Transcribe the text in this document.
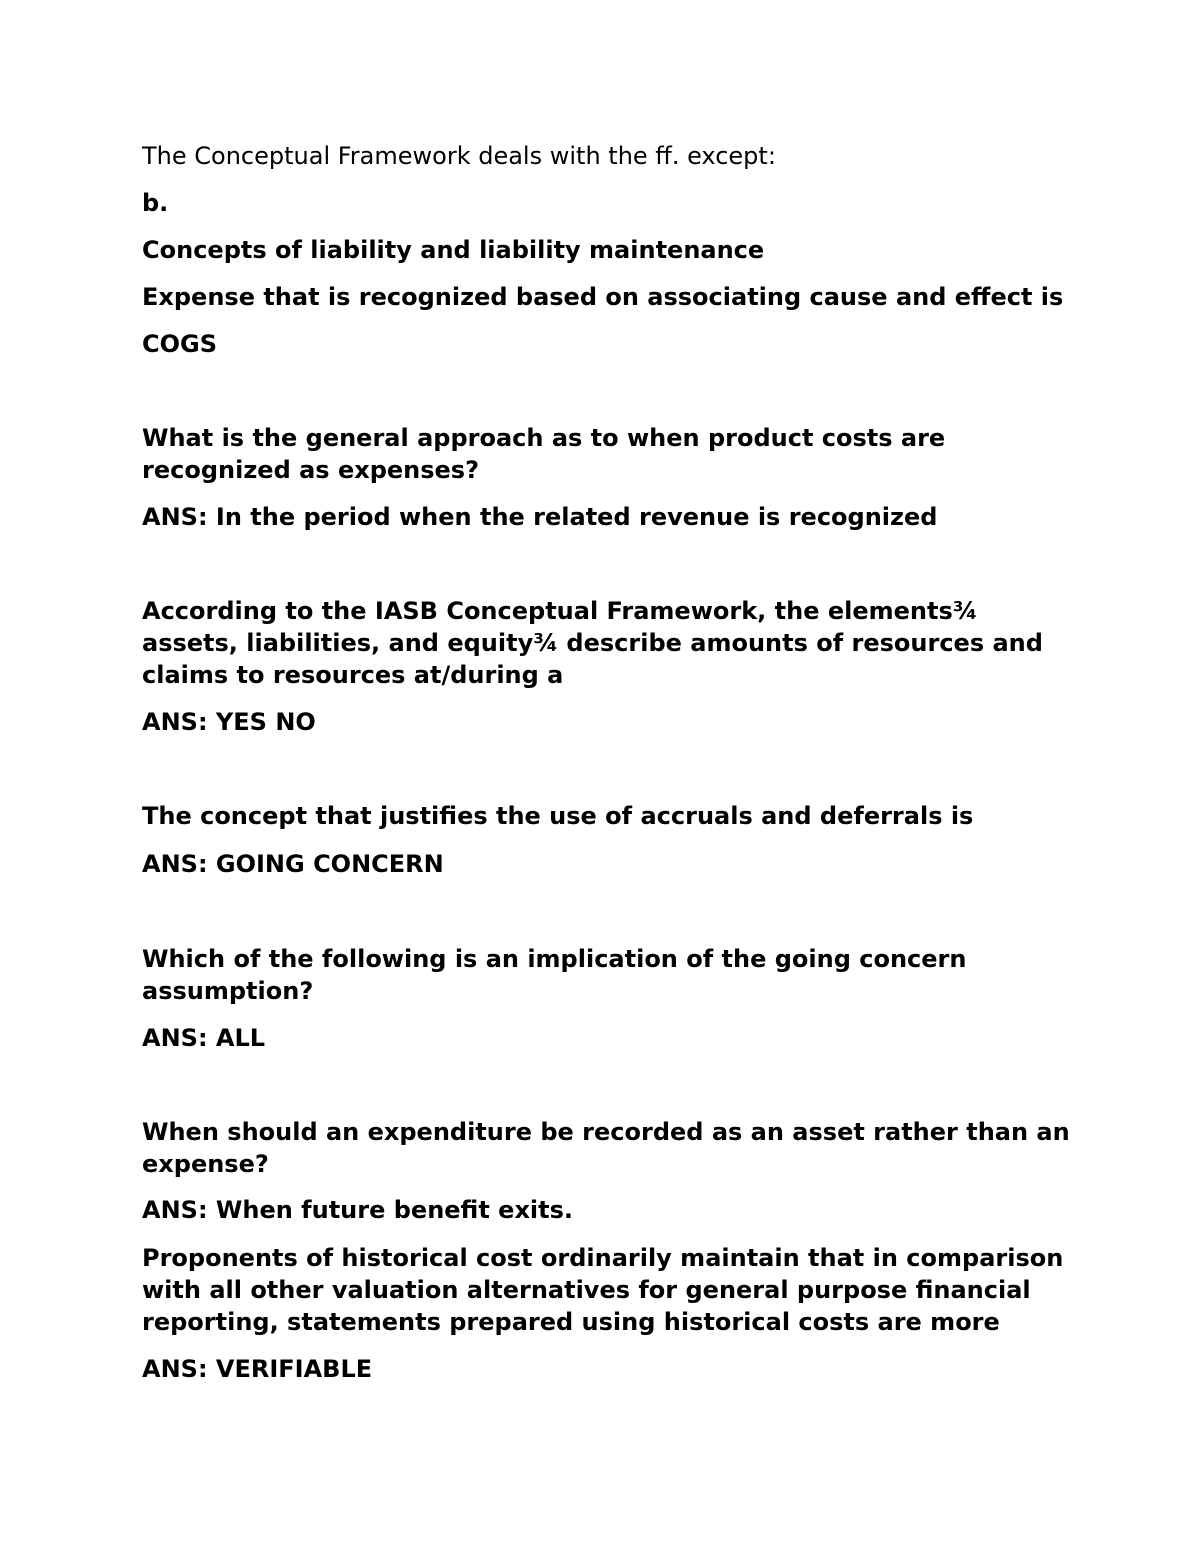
The Conceptual Framework deals with the ff. except:
b.
Concepts of liability and liability maintenance
Expense that is recognized based on associating cause and effect is
COGS
What is the general approach as to when product costs are recognized as expenses?
ANS: In the period when the related revenue is recognized
According to the IASB Conceptual Framework, the elements¾ assets, liabilities, and equity¾ describe amounts of resources and claims to resources at/during a
ANS: YES NO
The concept that justifies the use of accruals and deferrals is
ANS: GOING CONCERN
Which of the following is an implication of the going concern assumption?
ANS: ALL
When should an expenditure be recorded as an asset rather than an expense?
ANS: When future benefit exits.
Proponents of historical cost ordinarily maintain that in comparison with all other valuation alternatives for general purpose financial reporting, statements prepared using historical costs are more
ANS: VERIFIABLE
